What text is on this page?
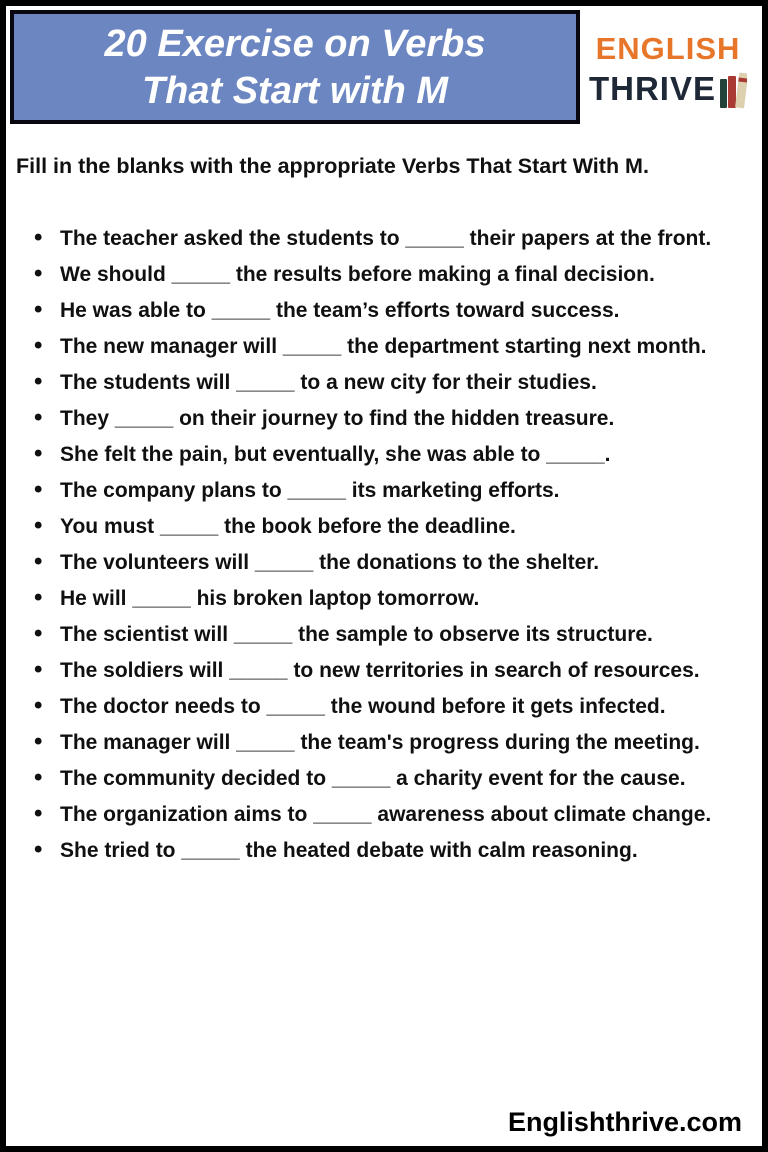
20 Exercise on Verbs
That Start with M
ENGLISH
THRIVE
Fill in the blanks with the appropriate Verbs That Start With M.
• The teacher asked the students to _____ their papers at the front.
• We should _____ the results before making a final decision.
• He was able to _____ the team’s efforts toward success.
• The new manager will _____ the department starting next month.
• The students will _____ to a new city for their studies.
• They _____ on their journey to find the hidden treasure.
• She felt the pain, but eventually, she was able to _____.
• The company plans to _____ its marketing efforts.
• You must _____ the book before the deadline.
• The volunteers will _____ the donations to the shelter.
• He will _____ his broken laptop tomorrow.
• The scientist will _____ the sample to observe its structure.
• The soldiers will _____ to new territories in search of resources.
• The doctor needs to _____ the wound before it gets infected.
• The manager will _____ the team's progress during the meeting.
• The community decided to _____ a charity event for the cause.
• The organization aims to _____ awareness about climate change.
• She tried to _____ the heated debate with calm reasoning.
Englishthrive.com
